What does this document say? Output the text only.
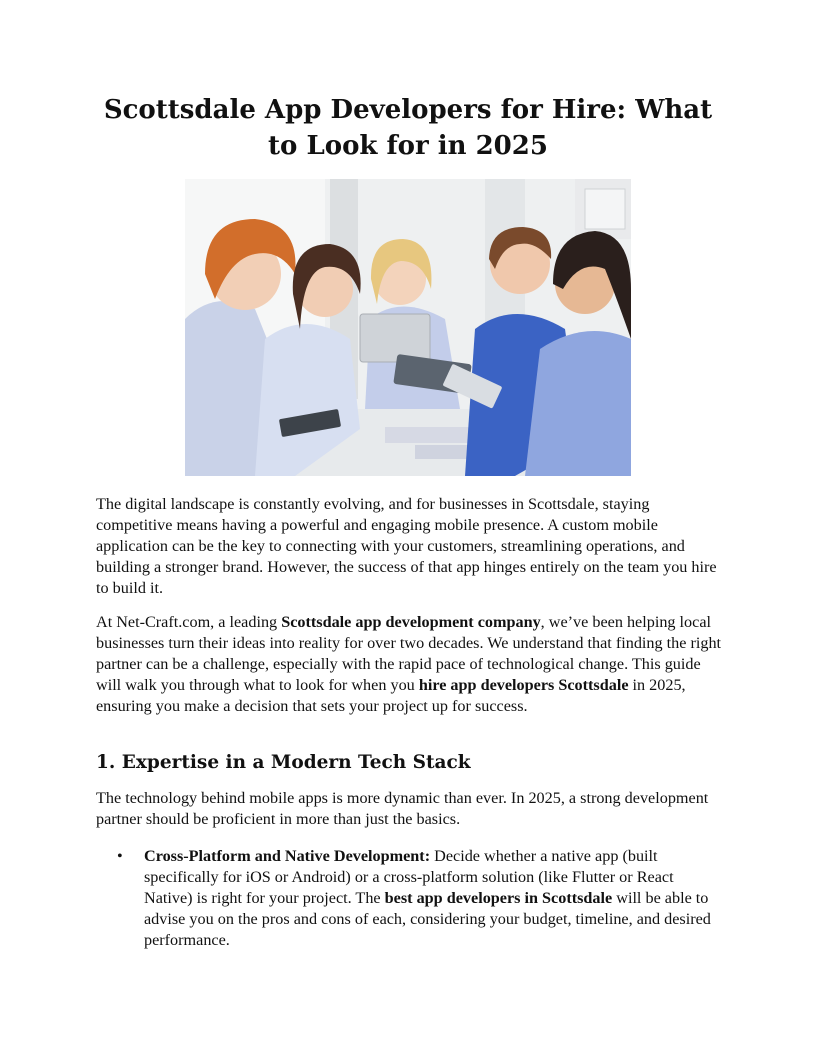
Scottsdale App Developers for Hire: What to Look for in 2025

The digital landscape is constantly evolving, and for businesses in Scottsdale, staying competitive means having a powerful and engaging mobile presence. A custom mobile application can be the key to connecting with your customers, streamlining operations, and building a stronger brand. However, the success of that app hinges entirely on the team you hire to build it.

At Net-Craft.com, a leading Scottsdale app development company, we’ve been helping local businesses turn their ideas into reality for over two decades. We understand that finding the right partner can be a challenge, especially with the rapid pace of technological change. This guide will walk you through what to look for when you hire app developers Scottsdale in 2025, ensuring you make a decision that sets your project up for success.

1. Expertise in a Modern Tech Stack

The technology behind mobile apps is more dynamic than ever. In 2025, a strong development partner should be proficient in more than just the basics.

• Cross-Platform and Native Development: Decide whether a native app (built specifically for iOS or Android) or a cross-platform solution (like Flutter or React Native) is right for your project. The best app developers in Scottsdale will be able to advise you on the pros and cons of each, considering your budget, timeline, and desired performance.
